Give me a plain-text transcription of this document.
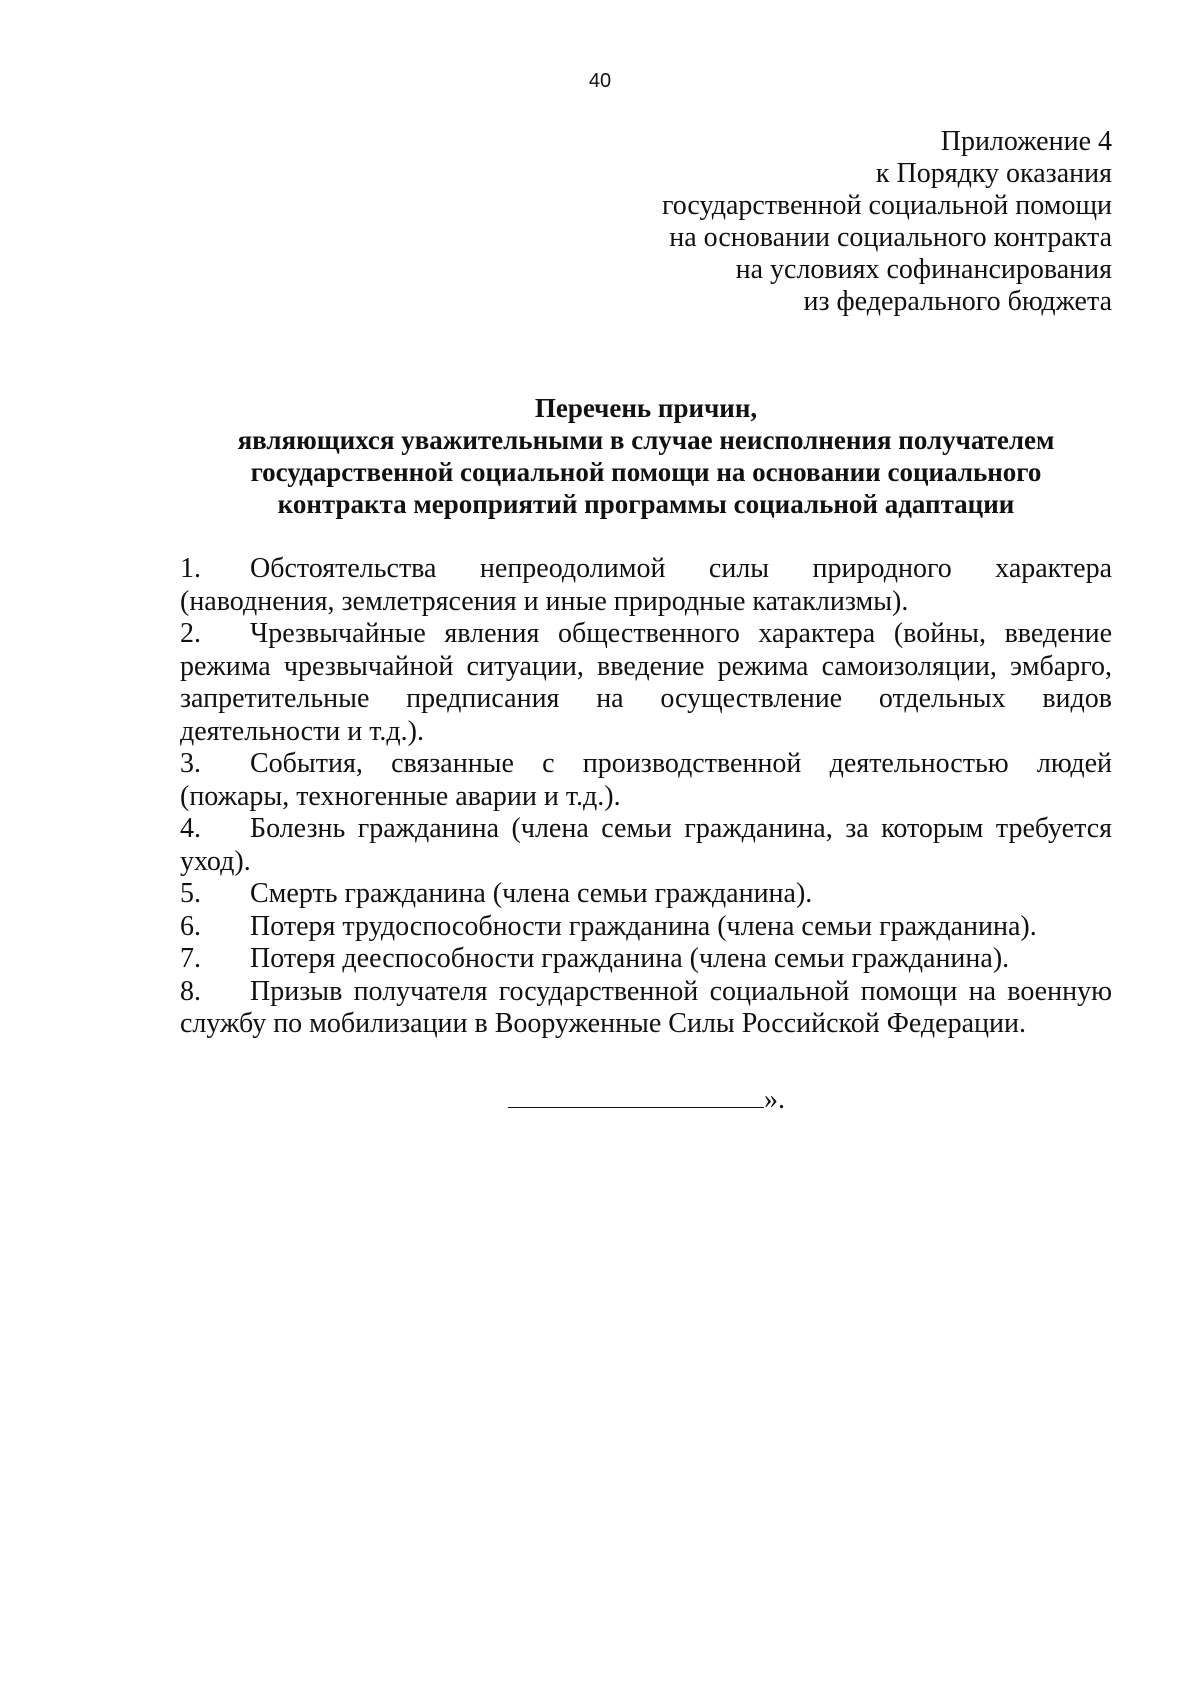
40
Приложение 4
к Порядку оказания
государственной социальной помощи
на основании социального контракта
на условиях софинансирования
из федерального бюджета
Перечень причин,
являющихся уважительными в случае неисполнения получателем
государственной социальной помощи на основании социального
контракта мероприятий программы социальной адаптации

1. Обстоятельства непреодолимой силы природного характера (наводнения, землетрясения и иные природные катаклизмы).

2. Чрезвычайные явления общественного характера (войны, введение режима чрезвычайной ситуации, введение режима самоизоляции, эмбарго, запретительные предписания на осуществление отдельных видов деятельности и т.д.).

3. События, связанные с производственной деятельностью людей (пожары, техногенные аварии и т.д.).

4. Болезнь гражданина (члена семьи гражданина, за которым требуется уход).

5. Смерть гражданина (члена семьи гражданина).

6. Потеря трудоспособности гражданина (члена семьи гражданина).

7. Потеря дееспособности гражданина (члена семьи гражданина).

8. Призыв получателя государственной социальной помощи на военную службу по мобилизации в Вооруженные Силы Российской Федерации.

».
